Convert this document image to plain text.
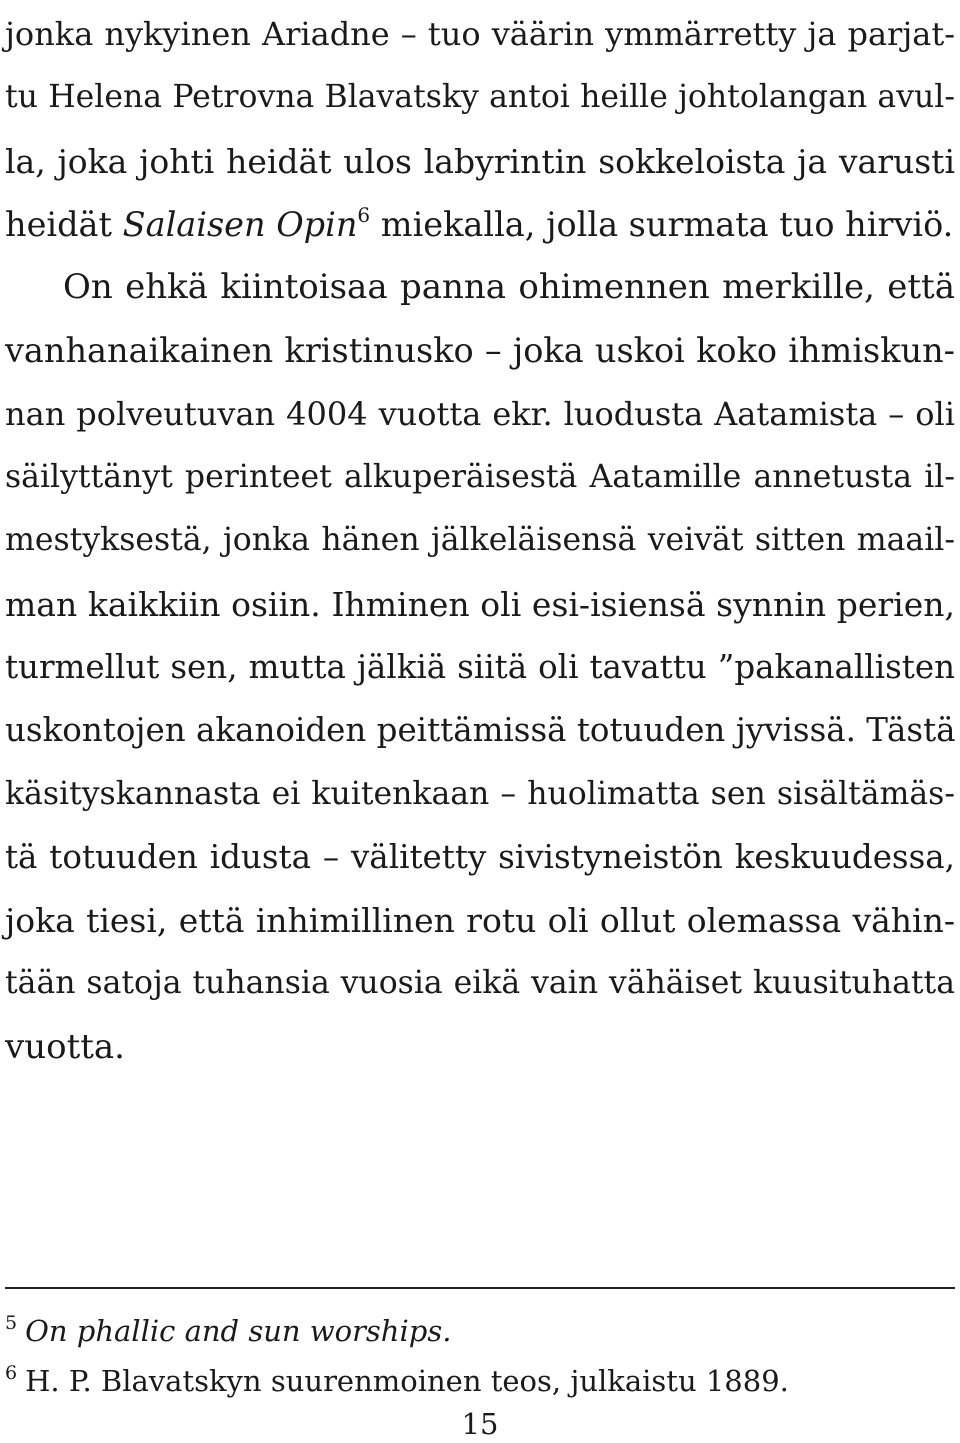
jonka nykyinen Ariadne – tuo väärin ymmärretty ja parjat-
tu Helena Petrovna Blavatsky antoi heille johtolangan avul-
la, joka johti heidät ulos labyrintin sokkeloista ja varusti
heidät Salaisen Opin$^6$ miekalla, jolla surmata tuo hirviö.
On ehkä kiintoisaa panna ohimennen merkille, että
vanhanaikainen kristinusko – joka uskoi koko ihmiskun-
nan polveutuvan 4004 vuotta ekr. luodusta Aatamista – oli
säilyttänyt perinteet alkuperäisestä Aatamille annetusta il-
mestyksestä, jonka hänen jälkeläisensä veivät sitten maail-
man kaikkiin osiin. Ihminen oli esi-isiensä synnin perien,
turmellut sen, mutta jälkiä siitä oli tavattu ”pakanallisten
uskontojen akanoiden peittämissä totuuden jyvissä. Tästä
käsityskannasta ei kuitenkaan – huolimatta sen sisältämäs-
tä totuuden idusta – välitetty sivistyneistön keskuudessa,
joka tiesi, että inhimillinen rotu oli ollut olemassa vähin-
tään satoja tuhansia vuosia eikä vain vähäiset kuusituhatta
vuotta.
$^5$ On phallic and sun worships.
$^6$ H. P. Blavatskyn suurenmoinen teos, julkaistu 1889.
15
